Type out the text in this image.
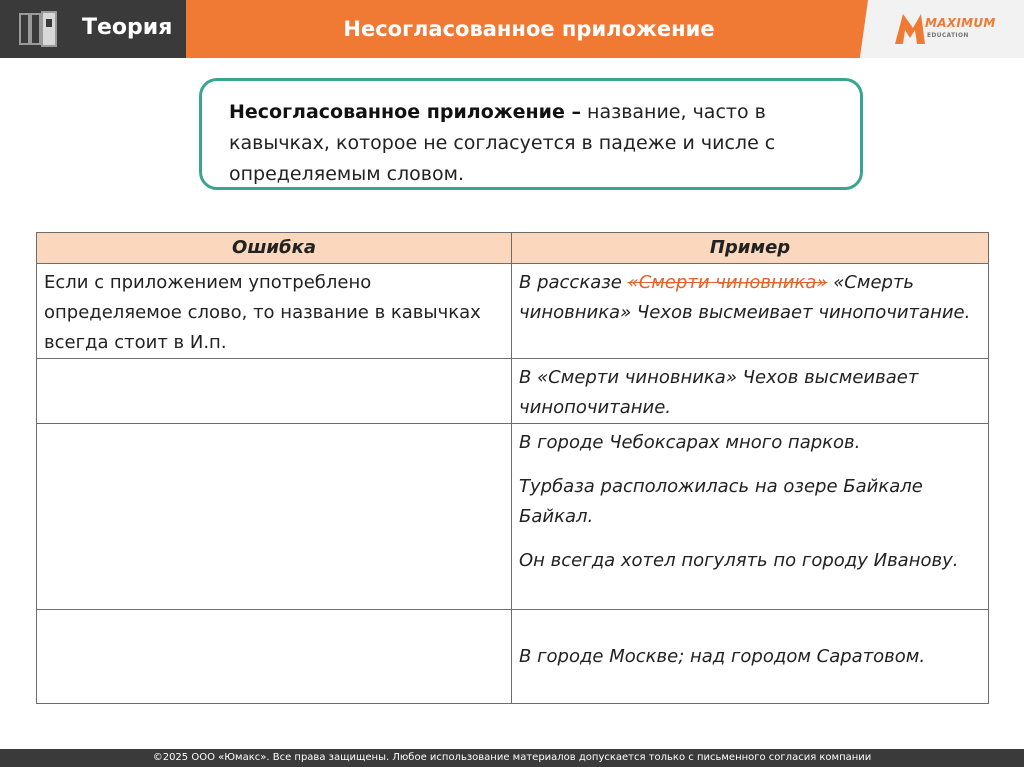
Теория	Несогласованное приложение	MAXIMUM
EDUCATION
Несогласованное приложение – название, часто в кавычках, которое не согласуется в падеже и числе с определяемым словом.
Ошибка	Пример
Если с приложением употреблено определяемое слово, то название в кавычках всегда стоит в И.п.	В рассказе «Смерти чиновника» «Смерть чиновника» Чехов высмеивает чинопочитание.
	В «Смерти чиновника» Чехов высмеивает чинопочитание.

	В городе Чебоксарах много парков.

Турбаза расположилась на озере Байкале Байкал.

Он всегда хотел погулять по городу Иванову.

	В городе Москве; над городом Саратовом.
©2025 ООО «Юмакс». Все права защищены. Любое использование материалов допускается только с письменного согласия компании
